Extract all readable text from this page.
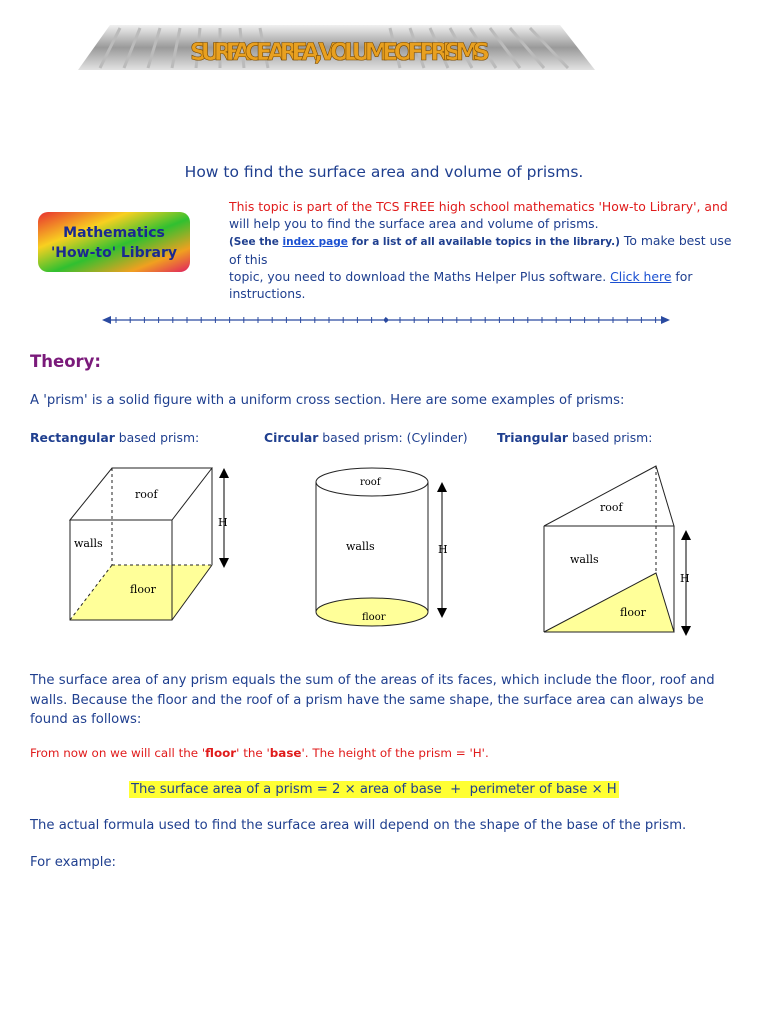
SURFACE AREA, VOLUME OF PRISMS
How to find the surface area and volume of prisms.
Mathematics
'How-to' Library
This topic is part of the TCS FREE high school mathematics 'How-to Library', and
will help you to find the surface area and volume of prisms.
(See the index page for a list of all available topics in the library.) To make best use of this
topic, you need to download the Maths Helper Plus software. Click here for
instructions.
Theory:
A 'prism' is a solid figure with a uniform cross section. Here are some examples of prisms:
Rectangular based prism:	Circular based prism: (Cylinder) Triangular based prism:
roof
walls
floor
H
roof
walls
floor
H
roof
walls
floor
H
The surface area of any prism equals the sum of the areas of its faces, which include the floor, roof and walls. Because the floor and the roof of a prism have the same shape, the surface area can always be found as follows:
From now on we will call the 'floor' the 'base'. The height of the prism = 'H'.
The surface area of a prism = 2 × area of base  +  perimeter of base × H
The actual formula used to find the surface area will depend on the shape of the base of the prism.
For example:
